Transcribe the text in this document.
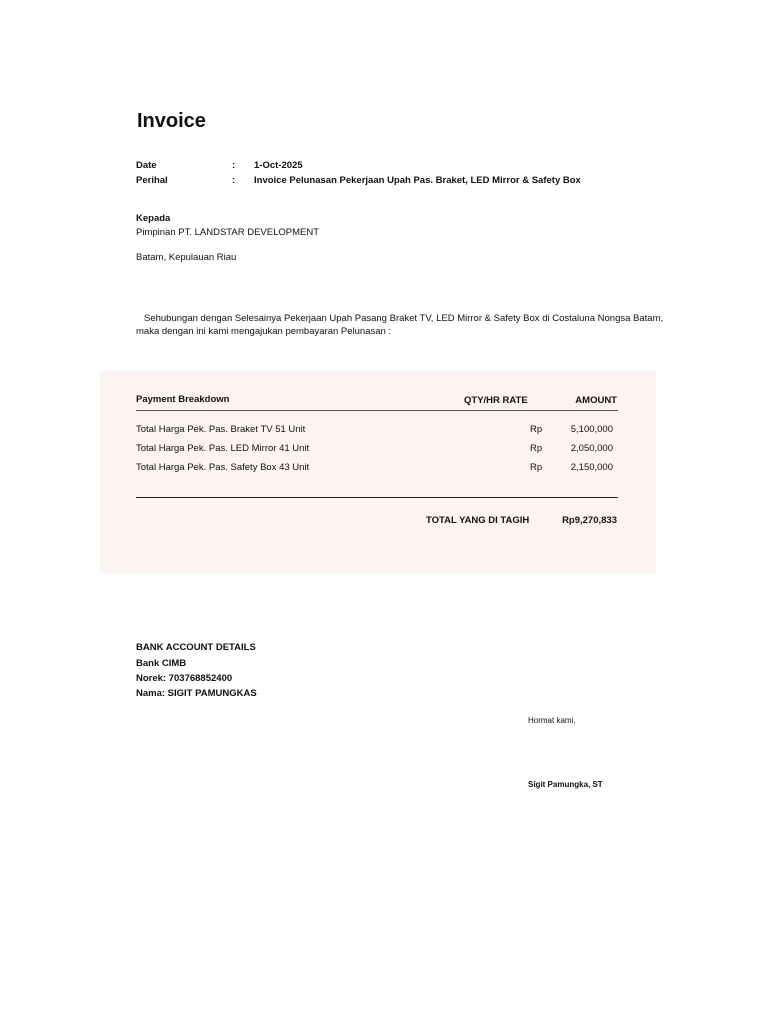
Invoice
Date	: 1-Oct-2025
Perihal	: Invoice Pelunasan Pekerjaan Upah Pas. Braket, LED Mirror & Safety Box
Kepada
Pimpinan PT. LANDSTAR DEVELOPMENT
Batam, Kepulauan Riau
Sehubungan dengan Selesainya Pekerjaan Upah Pasang Braket TV, LED Mirror & Safety Box di Costaluna Nongsa Batam,
maka dengan ini kami mengajukan pembayaran Pelunasan :
Payment Breakdown	QTY/HR RATE	AMOUNT
Total Harga Pek. Pas. Braket TV 51 Unit	Rp	5,100,000
Total Harga Pek. Pas. LED Mirror 41 Unit	Rp	2,050,000
Total Harga Pek. Pas. Safety Box 43 Unit	Rp	2,150,000
TOTAL YANG DI TAGIH	Rp9,270,833
BANK ACCOUNT DETAILS
Bank CIMB
Norek: 703768852400
Nama: SIGIT PAMUNGKAS
Hormat kami,
Sigit Pamungka, ST
